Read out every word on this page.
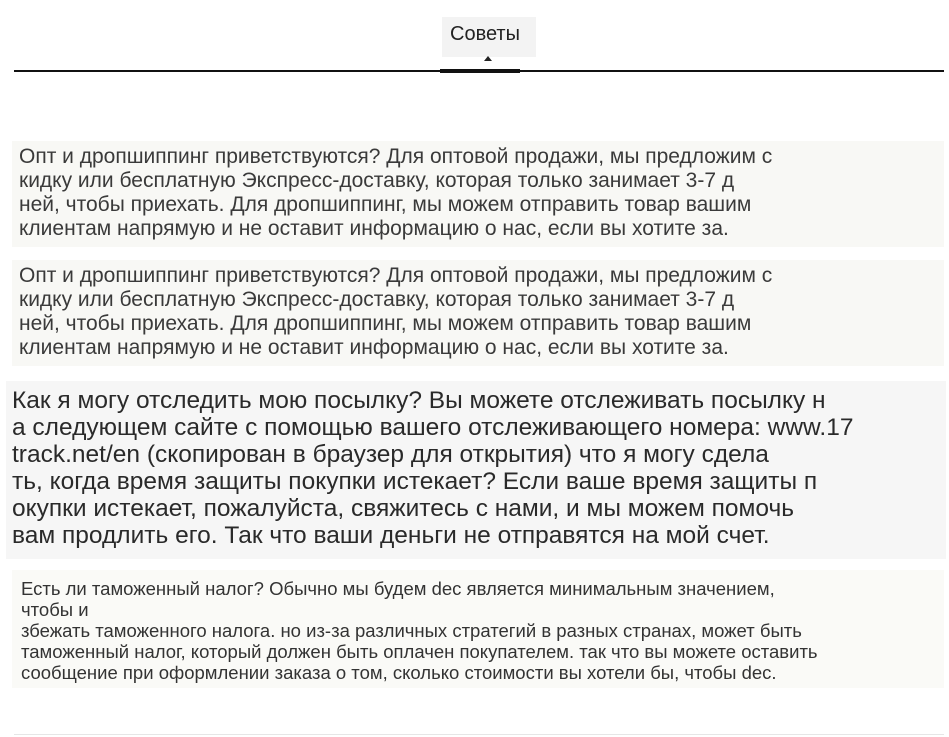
Советы

Опт и дропшиппинг приветствуются? Для оптовой продажи, мы предложим с
кидку или бесплатную Экспресс-доставку, которая только занимает 3-7 д
ней, чтобы приехать. Для дропшиппинг, мы можем отправить товар вашим
клиентам напрямую и не оставит информацию о нас, если вы хотите за.

Опт и дропшиппинг приветствуются? Для оптовой продажи, мы предложим с
кидку или бесплатную Экспресс-доставку, которая только занимает 3-7 д
ней, чтобы приехать. Для дропшиппинг, мы можем отправить товар вашим
клиентам напрямую и не оставит информацию о нас, если вы хотите за.

Как я могу отследить мою посылку? Вы можете отслеживать посылку н
а следующем сайте с помощью вашего отслеживающего номера: www.17
track.net/en (скопирован в браузер для открытия) что я могу сдела
ть, когда время защиты покупки истекает? Если ваше время защиты п
окупки истекает, пожалуйста, свяжитесь с нами, и мы можем помочь
вам продлить его. Так что ваши деньги не отправятся на мой счет.

Есть ли таможенный налог? Обычно мы будем dec является минимальным значением,
чтобы и
збежать таможенного налога. но из-за различных стратегий в разных странах, может быть
таможенный налог, который должен быть оплачен покупателем. так что вы можете оставить
сообщение при оформлении заказа о том, сколько стоимости вы хотели бы, чтобы dec.
